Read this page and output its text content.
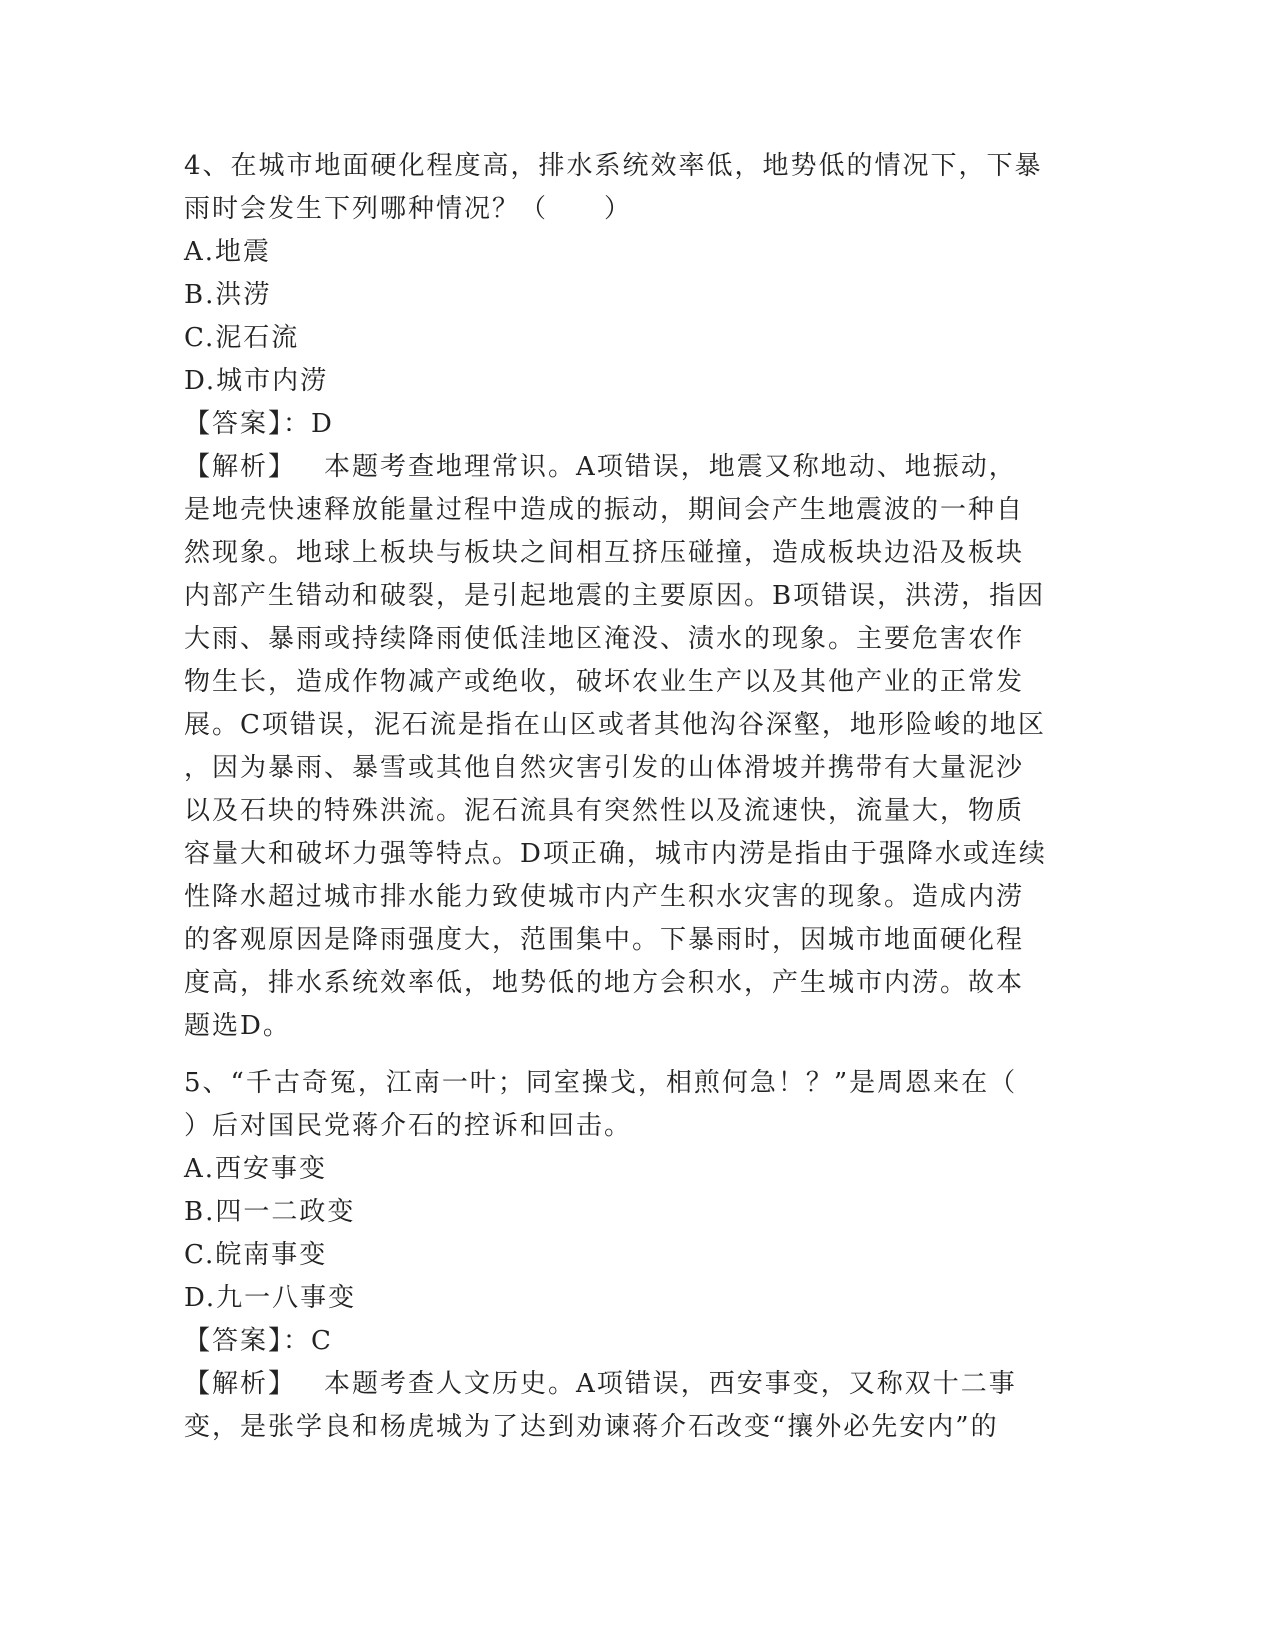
4、在城市地面硬化程度高，排水系统效率低，地势低的情况下，下暴
雨时会发生下列哪种情况？（　　）
A.地震
B.洪涝
C.泥石流
D.城市内涝
【答案】：D
【解析】 本题考查地理常识。A项错误，地震又称地动、地振动，
是地壳快速释放能量过程中造成的振动，期间会产生地震波的一种自
然现象。地球上板块与板块之间相互挤压碰撞，造成板块边沿及板块
内部产生错动和破裂，是引起地震的主要原因。B项错误，洪涝，指因
大雨、暴雨或持续降雨使低洼地区淹没、渍水的现象。主要危害农作
物生长，造成作物减产或绝收，破坏农业生产以及其他产业的正常发
展。C项错误，泥石流是指在山区或者其他沟谷深壑，地形险峻的地区
，因为暴雨、暴雪或其他自然灾害引发的山体滑坡并携带有大量泥沙
以及石块的特殊洪流。泥石流具有突然性以及流速快，流量大，物质
容量大和破坏力强等特点。D项正确，城市内涝是指由于强降水或连续
性降水超过城市排水能力致使城市内产生积水灾害的现象。造成内涝
的客观原因是降雨强度大，范围集中。下暴雨时，因城市地面硬化程
度高，排水系统效率低，地势低的地方会积水，产生城市内涝。故本
题选D。
5、“千古奇冤，江南一叶；同室操戈，相煎何急！？”是周恩来在（
）后对国民党蒋介石的控诉和回击。
A.西安事变
B.四一二政变
C.皖南事变
D.九一八事变
【答案】：C
【解析】 本题考查人文历史。A项错误，西安事变，又称双十二事
变，是张学良和杨虎城为了达到劝谏蒋介石改变“攘外必先安内”的
